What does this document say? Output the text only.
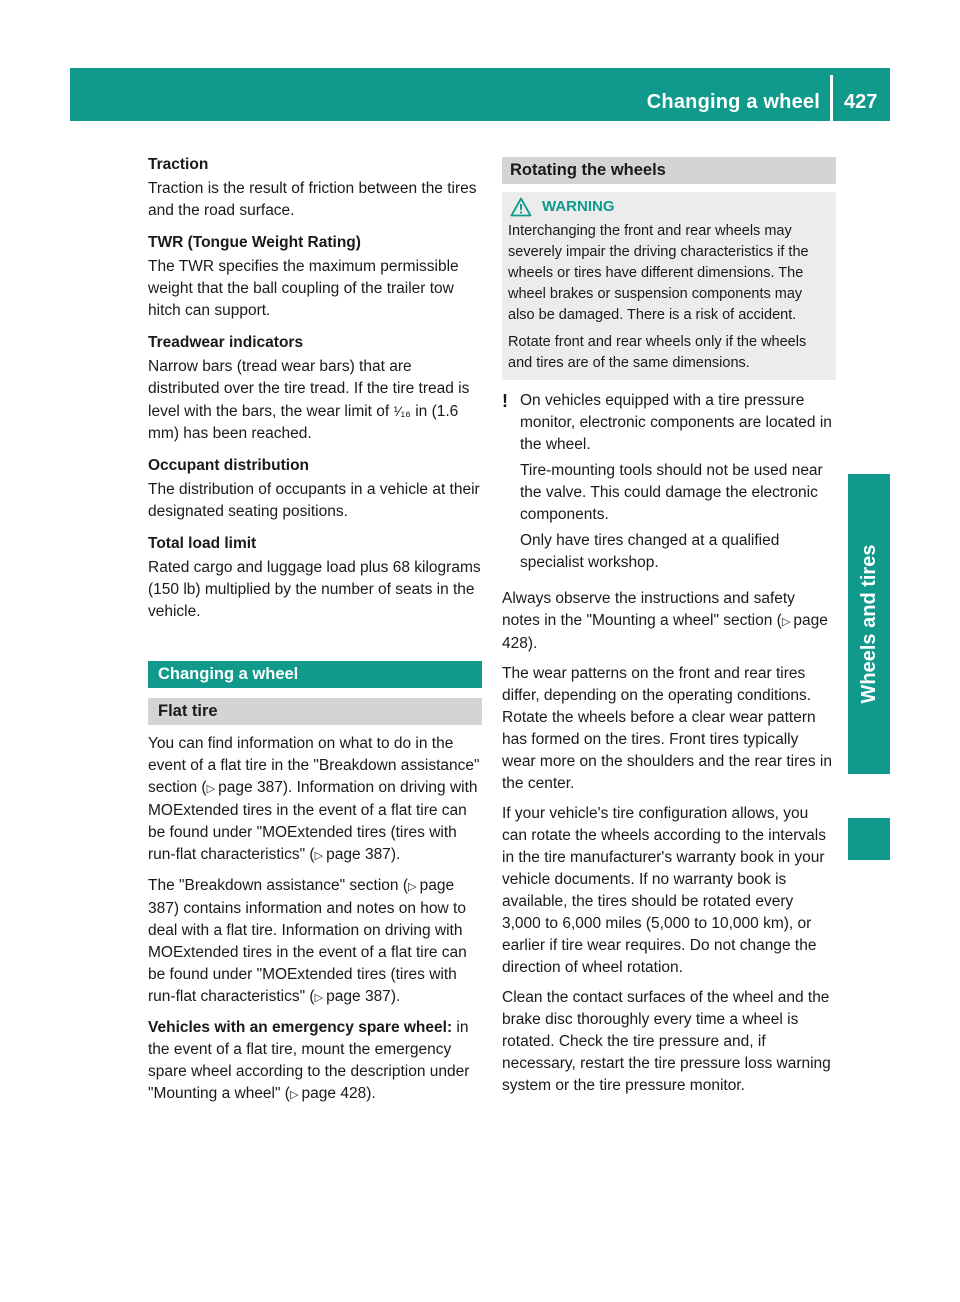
Changing a wheel 427
Wheels and tires

Traction

Traction is the result of friction between the tires and the road surface.

TWR (Tongue Weight Rating)

The TWR specifies the maximum permissible weight that the ball coupling of the trailer tow hitch can support.

Treadwear indicators

Narrow bars (tread wear bars) that are distributed over the tire tread. If the tire tread is level with the bars, the wear limit of ¹⁄₁₆ in (1.6 mm) has been reached.

Occupant distribution

The distribution of occupants in a vehicle at their designated seating positions.

Total load limit

Rated cargo and luggage load plus 68 kilograms (150 lb) multiplied by the number of seats in the vehicle.

Changing a wheel
Flat tire

You can find information on what to do in the event of a flat tire in the "Breakdown assistance" section (▷  page 387). Information on driving with MOExtended tires in the event of a flat tire can be found under "MOExtended tires (tires with run-flat characteristics" (▷  page 387).

The "Breakdown assistance" section (▷  page 387) contains information and notes on how to deal with a flat tire. Information on driving with MOExtended tires in the event of a flat tire can be found under "MOExtended tires (tires with run-flat characteristics" (▷  page 387).

Vehicles with an emergency spare wheel: in the event of a flat tire, mount the emergency spare wheel according to the description under "Mounting a wheel" (▷  page 428).

Rotating the wheels
WARNING

Interchanging the front and rear wheels may severely impair the driving characteristics if the wheels or tires have different dimensions. The wheel brakes or suspension components may also be damaged. There is a risk of accident.

Rotate front and rear wheels only if the wheels and tires are of the same dimensions.

! On vehicles equipped with a tire pressure monitor, electronic components are located in the wheel.

Tire-mounting tools should not be used near the valve. This could damage the electronic components.

Only have tires changed at a qualified specialist workshop.

Always observe the instructions and safety notes in the "Mounting a wheel" section (▷  page 428).

The wear patterns on the front and rear tires differ, depending on the operating conditions. Rotate the wheels before a clear wear pattern has formed on the tires. Front tires typically wear more on the shoulders and the rear tires in the center.

If your vehicle's tire configuration allows, you can rotate the wheels according to the intervals in the tire manufacturer's warranty book in your vehicle documents. If no warranty book is available, the tires should be rotated every 3,000 to 6,000 miles (5,000 to 10,000 km), or earlier if tire wear requires. Do not change the direction of wheel rotation.

Clean the contact surfaces of the wheel and the brake disc thoroughly every time a wheel is rotated. Check the tire pressure and, if necessary, restart the tire pressure loss warning system or the tire pressure monitor.
